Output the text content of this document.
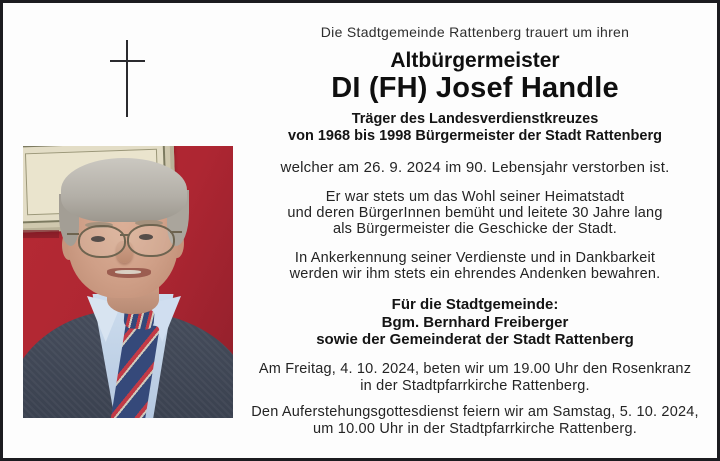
Die Stadtgemeinde Rattenberg trauert um ihren
Altbürgermeister
DI (FH) Josef Handle
Träger des Landesverdienstkreuzes
von 1968 bis 1998 Bürgermeister der Stadt Rattenberg
welcher am 26. 9. 2024 im 90. Lebensjahr verstorben ist.
Er war stets um das Wohl seiner Heimatstadt
und deren BürgerInnen bemüht und leitete 30 Jahre lang
als Bürgermeister die Geschicke der Stadt.
In Ankerkennung seiner Verdienste und in Dankbarkeit
werden wir ihm stets ein ehrendes Andenken bewahren.
Für die Stadtgemeinde:
Bgm. Bernhard Freiberger
sowie der Gemeinderat der Stadt Rattenberg
Am Freitag, 4. 10. 2024, beten wir um 19.00 Uhr den Rosenkranz
in der Stadtpfarrkirche Rattenberg.
Den Auferstehungsgottesdienst feiern wir am Samstag, 5. 10. 2024,
um 10.00 Uhr in der Stadtpfarrkirche Rattenberg.
